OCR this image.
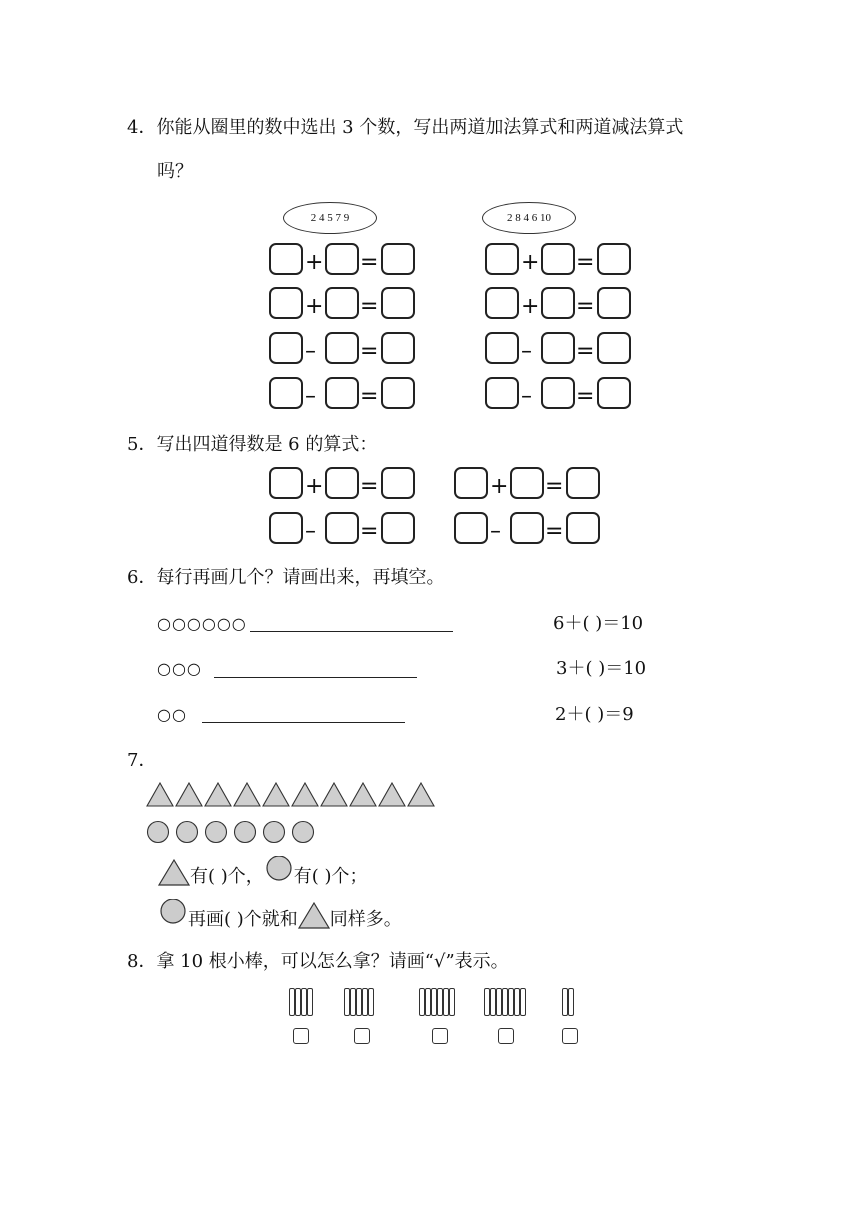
4．你能从圈里的数中选出 3 个数，写出两道加法算式和两道减法算式
吗？
2 4 5 7 9	2 8 4 6 10
+ =	+ =
+ =	+ =
– =	– =
– =	– =
5．写出四道得数是 6 的算式：
+ =	+ =
– =	– =
6．每行再画几个？请画出来，再填空。
○○○○○○	6＋( )＝10
○○○	3＋( )＝10
○○	2＋( )＝9
7．
有( )个， 有( )个；
再画( )个就和 同样多。
8．拿 10 根小棒，可以怎么拿？请画“√”表示。
